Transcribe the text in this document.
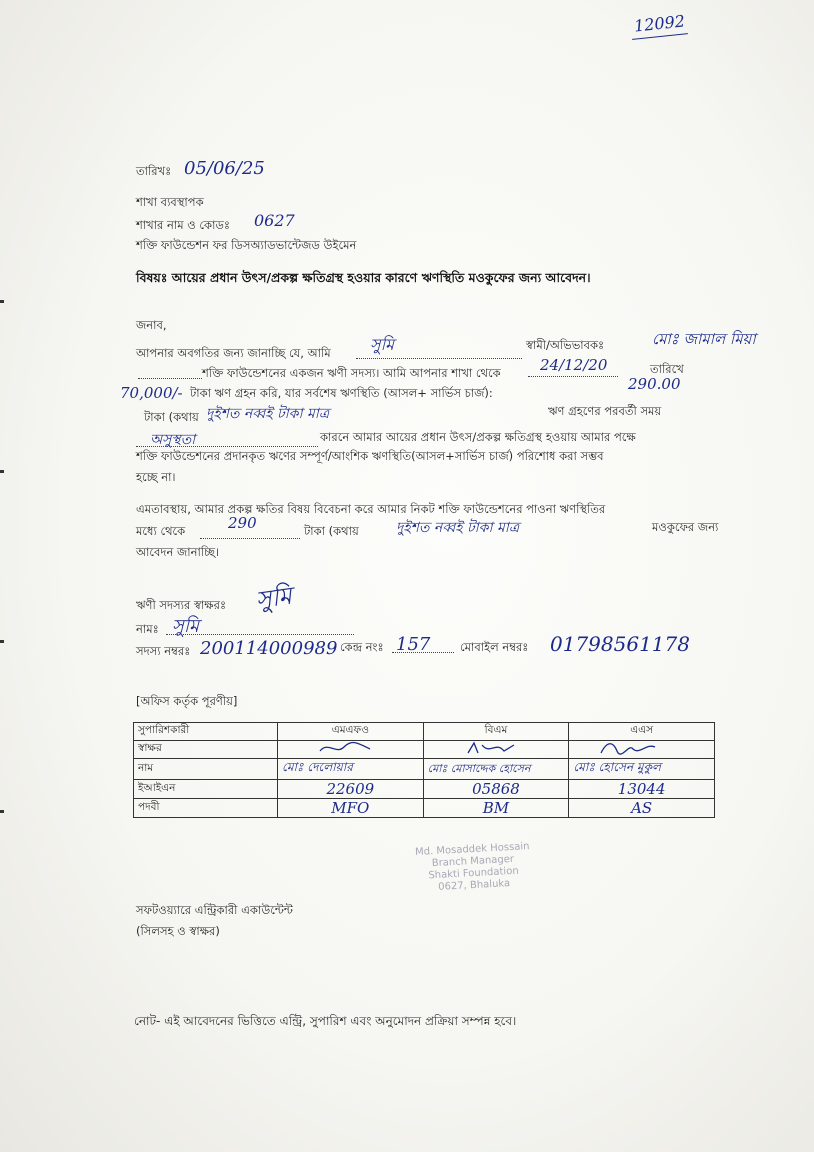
12092
তারিখঃ 05/06/25
শাখা ব্যবস্থাপক
শাখার নাম ও কোডঃ 0627
শক্তি ফাউন্ডেশন ফর ডিসঅ্যাডভান্টেজড উইমেন
বিষয়ঃ আয়ের প্রধান উৎস/প্রকল্প ক্ষতিগ্রস্থ হওয়ার কারণে ঋণস্থিতি মওকুফের জন্য আবেদন।
জনাব,
আপনার অবগতির জন্য জানাচ্ছি যে, আমি সুমি	স্বামী/অভিভাবকঃ	মোঃ জামাল মিয়া
শক্তি ফাউন্ডেশনের একজন ঋণী সদস্য। আমি আপনার শাখা থেকে	24/12/20	তারিখে
70,000/- টাকা ঋণ গ্রহন করি, যার সর্বশেষ ঋণস্থিতি (আসল+ সার্ভিস চার্জ):	290.00
টাকা (কথায় দুইশত নব্বই টাকা মাত্র	ঋণ গ্রহণের পরবর্তী সময়
অসুস্থতা	কারনে আমার আয়ের প্রধান উৎস/প্রকল্প ক্ষতিগ্রস্থ হওয়ায় আমার পক্ষে
শক্তি ফাউন্ডেশনের প্রদানকৃত ঋণের সম্পূর্ণ/আংশিক ঋণস্থিতি(আসল+সার্ভিস চার্জ) পরিশোধ করা সম্ভব
হচ্ছে না।
এমতাবস্থায়, আমার প্রকল্প ক্ষতির বিষয় বিবেচনা করে আমার নিকট শক্তি ফাউন্ডেশনের পাওনা ঋণস্থিতির
মধ্যে থেকে	290	টাকা (কথায়	দুইশত নব্বই টাকা মাত্র	মওকুফের জন্য
আবেদন জানাচ্ছি।
ঋণী সদস্যর স্বাক্ষরঃ সুমি
নামঃ সুমি
সদস্য নম্বরঃ 200114000989 কেন্দ্র নংঃ 157	মোবাইল নম্বরঃ 01798561178
[অফিস কর্তৃক পূরণীয়]
সুপারিশকারী	এমএফও	বিএম	এএস
স্বাক্ষর	

নাম	মোঃ দেলোয়ার	মোঃ মোসাদ্দেক হোসেন	মোঃ হোসেন মুকুল
ইআইএন	22609	05868	13044
পদবী	MFO	BM	AS
Md. Mosaddek Hossain
Branch Manager
Shakti Foundation
0627, Bhaluka
সফটওয়্যারে এন্ট্রিকারী একাউন্টেন্ট
(সিলসহ ও স্বাক্ষর)
নোট- এই আবেদনের ভিত্তিতে এন্ট্রি, সুপারিশ এবং অনুমোদন প্রক্রিয়া সম্পন্ন হবে।
